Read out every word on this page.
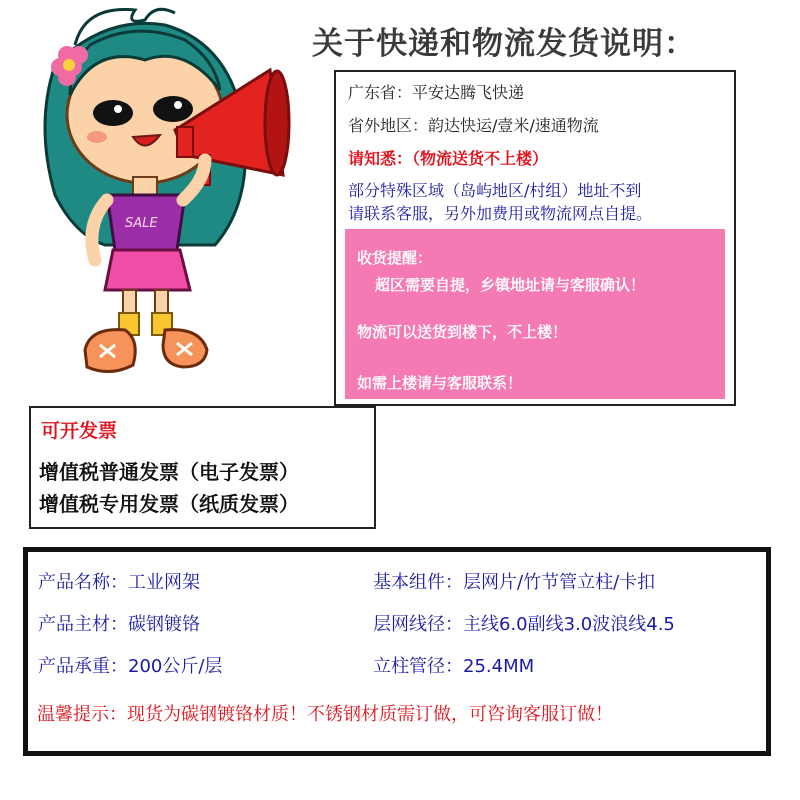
SALE
关于快递和物流发货说明：
广东省：平安达腾飞快递
省外地区：韵达快运/壹米/速通物流
请知悉：（物流送货不上楼）
部分特殊区域（岛屿地区/村组）地址不到
请联系客服，另外加费用或物流网点自提。
收货提醒：
超区需要自提，乡镇地址请与客服确认！
物流可以送货到楼下，不上楼！
如需上楼请与客服联系！
可开发票
增值税普通发票（电子发票）
增值税专用发票（纸质发票）
产品名称：工业网架
产品主材：碳钢镀铬
产品承重：200公斤/层
基本组件：层网片/竹节管立柱/卡扣
层网线径：主线6.0副线3.0波浪线4.5
立柱管径：25.4MM
温馨提示：现货为碳钢镀铬材质！不锈钢材质需订做，可咨询客服订做！
